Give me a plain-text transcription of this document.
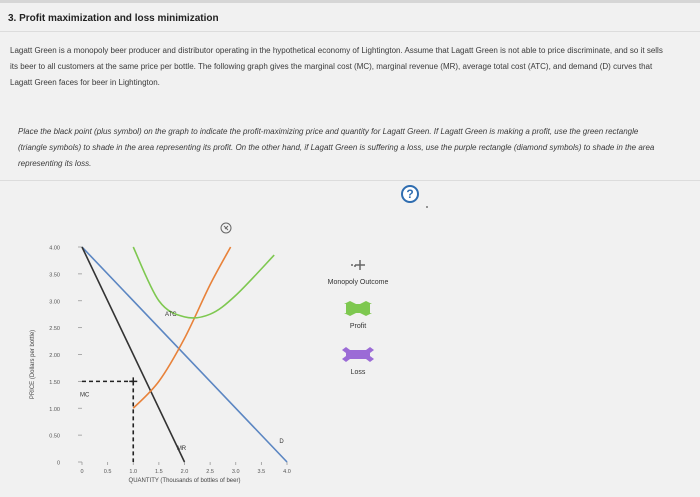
3. Profit maximization and loss minimization
Lagatt Green is a monopoly beer producer and distributor operating in the hypothetical economy of Lightington. Assume that Lagatt Green is not able to price discriminate, and so it sells its beer to all customers at the same price per bottle. The following graph gives the marginal cost (MC), marginal revenue (MR), average total cost (ATC), and demand (D) curves that Lagatt Green faces for beer in Lightington.
Place the black point (plus symbol) on the graph to indicate the profit-maximizing price and quantity for Lagatt Green. If Lagatt Green is making a profit, use the green rectangle (triangle symbols) to shade in the area representing its profit. On the other hand, if Lagatt Green is suffering a loss, use the purple rectangle (diamond symbols) to shade in the area representing its loss.
?
0
0.50
1.00
1.50
2.00
2.50
3.00
3.50
4.00
0	0.5	1.0	1.5	2.0	2.5	3.0	3.5	4.0
QUANTITY (Thousands of bottles of beer)
PRICE (Dollars per bottle)
ATC
MC
MR
D
Monopoly Outcome
Profit
Loss
